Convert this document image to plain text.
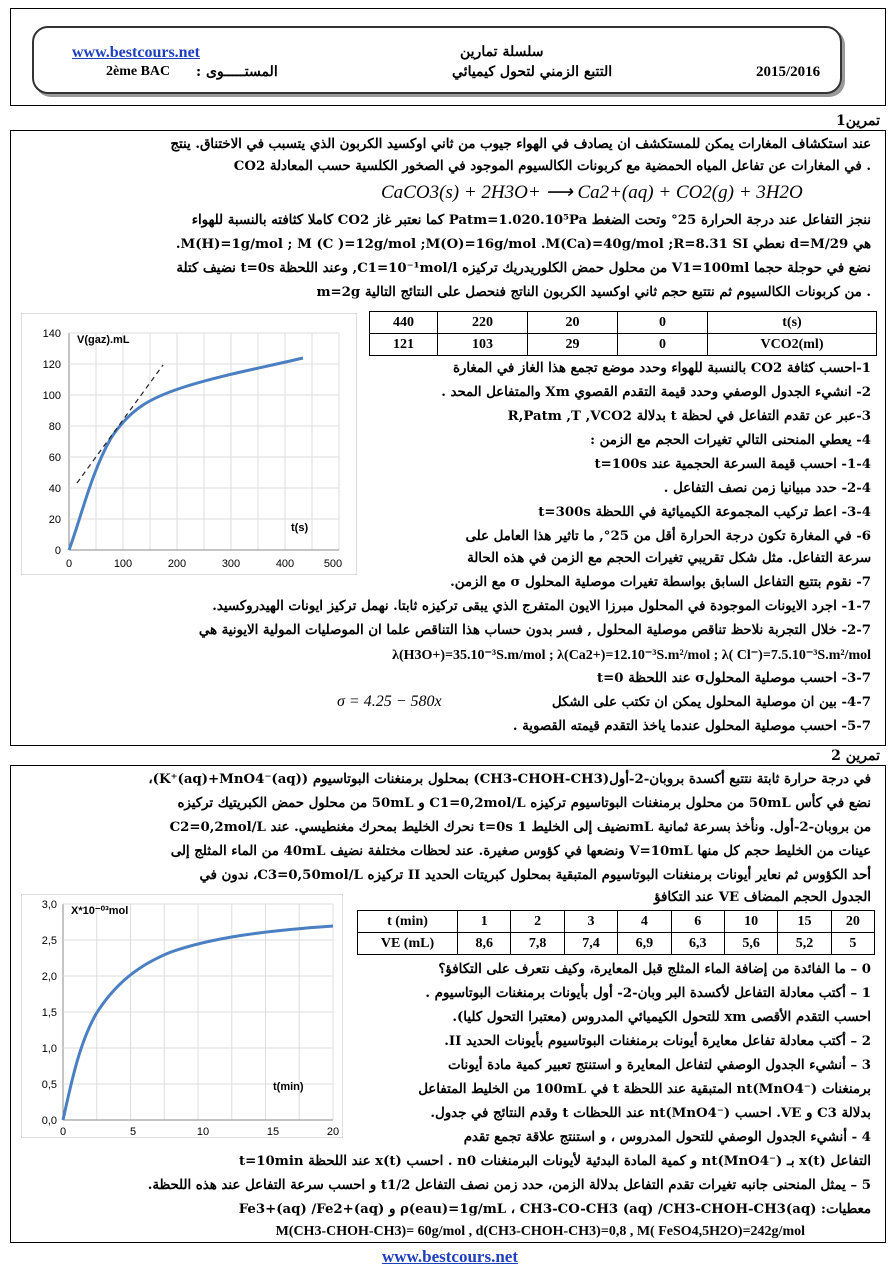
www.bestcours.net
2ème BAC المستـــــوى :
سلسلة تمارين
التتبع الزمني لتحول كيميائي	2015/2016
تمرين1
عند استكشاف المغارات يمكن للمستكشف ان يصادف في الهواء جيوب من ثاني اوكسيد الكربون الذي يتسبب في الاختناق. ينتج
CO2 في المغارات عن تفاعل المياه الحمضية مع كربونات الكالسيوم الموجود في الصخور الكلسية حسب المعادلة .
CaCO3(s) + 2H3O+ ⟶ Ca2+(aq) + CO2(g) + 3H2O
ننجز التفاعل عند درجة الحرارة 25° وتحت الضغط Patm=1.020.10⁵Pa كما نعتبر غاز CO2 كاملا كثافته بالنسبة للهواء
هي d=M/29 نعطي M(H)=1g/mol ; M (C )=12g/mol ;M(O)=16g/mol .M(Ca)=40g/mol ;R=8.31 SI.
نضع في حوجلة حجما V1=100ml من محلول حمض الكلوريدريك تركيزه C1=10⁻¹mol/l, وعند اللحظة t=0s نضيف كتلة
m=2g من كربونات الكالسيوم ثم نتتبع حجم ثاني اوكسيد الكربون الناتج فنحصل على النتائج التالية .
440	220	20	0	t(s)
121	103	29	0	VCO2(ml)
1-احسب كثافة CO2 بالنسبة للهواء وحدد موضع تجمع هذا الغاز في المغارة
2- انشيء الجدول الوصفي وحدد قيمة التقدم القصوي Xm والمتفاعل المحد .
3-عبر عن تقدم التفاعل في لحظة t بدلالة R,Patm ,T ,VCO2
4- يعطي المنحنى التالي تغيرات الحجم مع الزمن :
1-4- احسب قيمة السرعة الحجمية عند t=100s
2-4- حدد مبيانيا زمن نصف التفاعل .
3-4- اعط تركيب المجموعة الكيميائية في اللحظة t=300s
6- في المغارة تكون درجة الحرارة أقل من 25°, ما تاثير هذا العامل على
سرعة التفاعل. مثل شكل تقريبي تغيرات الحجم مع الزمن في هذه الحالة
7- نقوم بتتبع التفاعل السابق بواسطة تغيرات موصلية المحلول σ مع الزمن.
1-7- اجرد الايونات الموجودة في المحلول مبرزا الايون المتفرج الذي يبقى تركيزه ثابتا. نهمل تركيز ايونات الهيدروكسيد.
2-7- خلال التجربة نلاحظ تناقص موصلية المحلول , فسر بدون حساب هذا التناقص علما ان الموصليات المولية الايونية هي
λ(H3O+)=35.10⁻³S.m/mol ; λ(Ca2+)=12.10⁻³S.m²/mol ; λ( Cl⁻)=7.5.10⁻³S.m²/mol
3-7- احسب موصلية المحلولσ عند اللحظة t=0
4-7- بين ان موصلية المحلول يمكن ان تكتب على الشكل
σ = 4.25 − 580x
5-7- احسب موصلية المحلول عندما ياخذ التقدم قيمته القصوية .
V(gaz).mL
t(s)
0
20
40
60
80
100
120
140
0	100	200	300	400	500
تمرين 2
في درجة حرارة ثابتة نتتبع أكسدة بروبان-2-أول(CH3-CHOH-CH3) بمحلول برمنغنات البوتاسيوم (K⁺(aq)+MnO4⁻(aq))،
نضع في كأس 50mL من محلول برمنغنات البوتاسيوم تركيزه C1=0,2mol/L و 50mL من محلول حمض الكبريتيك تركيزه
C2=0,2mol/L نحرك الخليط بمحرك مغنطيسي. عند t=0s نضيف إلى الخليط 1mL من بروبان-2-أول. ونأخذ بسرعة ثمانية
عينات من الخليط حجم كل منها V=10mL ونضعها في كؤوس صغيرة. عند لحظات مختلفة نضيف 40mL من الماء المثلج إلى
أحد الكؤوس ثم نعاير أيونات برمنغنات البوتاسيوم المتبقية بمحلول كبريتات الحديد II تركيزه C3=0,50mol/L، ندون في
الجدول الحجم المضاف VE عند التكافؤ
t (min)	1	2	3	4	6	10	15	20
VE (mL)	8,6	7,8	7,4	6,9	6,3	5,6	5,2	5
0 – ما الفائدة من إضافة الماء المثلج قبل المعايرة، وكيف نتعرف على التكافؤ؟
1 – أكتب معادلة التفاعل لأكسدة البر وبان-2- أول بأيونات برمنغنات البوتاسيوم .
احسب التقدم الأقصى xm للتحول الكيميائي المدروس (معتبرا التحول كليا).
2 – أكتب معادلة تفاعل معايرة أيونات برمنغنات البوتاسيوم بأيونات الحديد II.
3 – أنشيء الجدول الوصفي لتفاعل المعايرة و استنتج تعبير كمية مادة أيونات
برمنغنات nt(MnO4⁻) المتبقية عند اللحظة t في 100mL من الخليط المتفاعل
بدلالة C3 و VE. احسب nt(MnO4⁻) عند اللحظات t وقدم النتائج في جدول.
4 - أنشيء الجدول الوصفي للتحول المدروس ، و استنتج علاقة تجمع تقدم
التفاعل x(t) بـ nt(MnO4⁻) و كمية المادة البدئية لأيونات البرمنغنات n0 . احسب x(t) عند اللحظة t=10min
5 – يمثل المنحنى جانبه تغيرات تقدم التفاعل بدلالة الزمن، حدد زمن نصف التفاعل t1/2 و احسب سرعة التفاعل عند هذه اللحظة.
معطيات: ρ(eau)=1g/mL ، CH3-CO-CH3 (aq) /CH3-CHOH-CH3(aq) و Fe3+(aq) /Fe2+(aq)
M(CH3-CHOH-CH3)= 60g/mol , d(CH3-CHOH-CH3)=0,8 , M( FeSO4,5H2O)=242g/mol
X*10⁻⁰³mol
t(min)
0,0
0,5
1,0
1,5
2,0
2,5
3,0
0	5	10	15	20
www.bestcours.net
